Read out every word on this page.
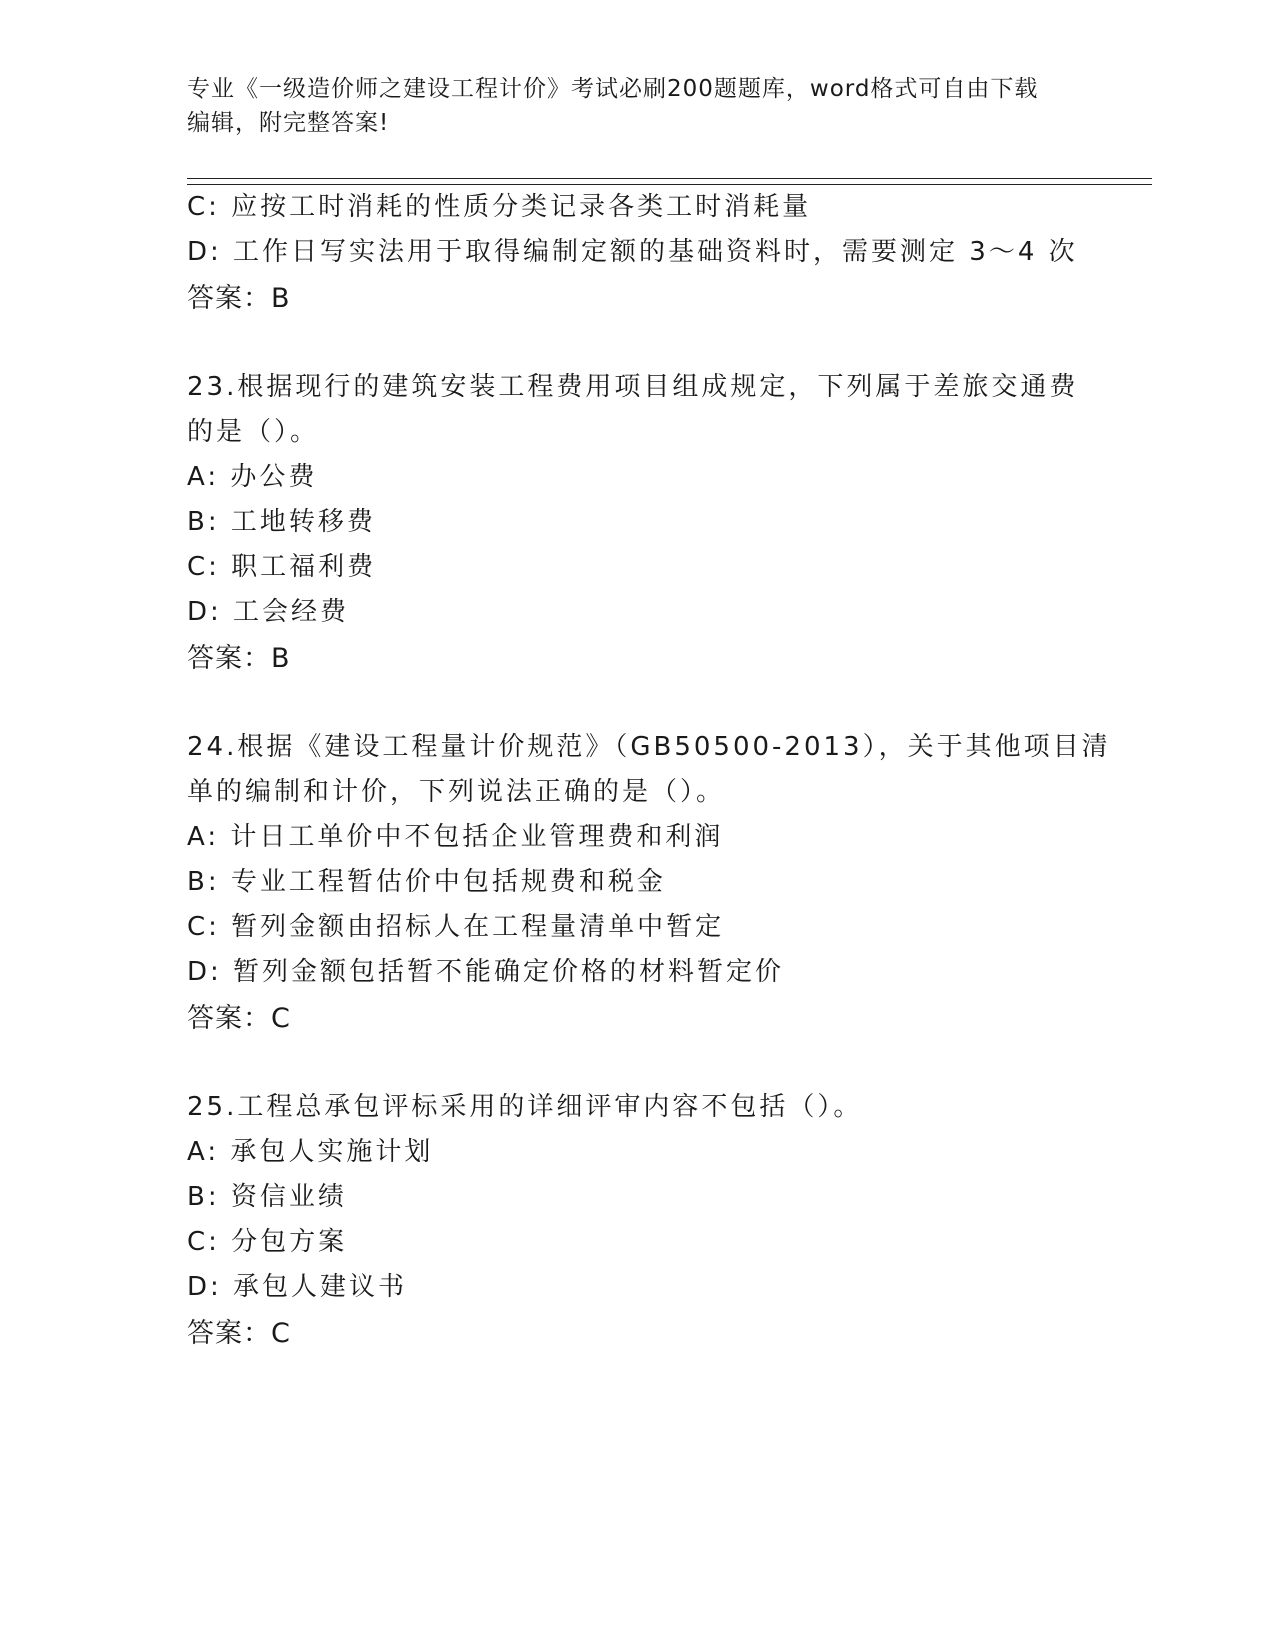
专业《一级造价师之建设工程计价》考试必刷200题题库，word格式可自由下载
编辑，附完整答案!
C: 应按工时消耗的性质分类记录各类工时消耗量
D: 工作日写实法用于取得编制定额的基础资料时，需要测定 3～4 次
答案：B
23.根据现行的建筑安装工程费用项目组成规定，下列属于差旅交通费
的是（）。
A: 办公费
B: 工地转移费
C: 职工福利费
D: 工会经费
答案：B
24.根据《建设工程量计价规范》（GB50500-2013），关于其他项目清
单的编制和计价，下列说法正确的是（）。
A: 计日工单价中不包括企业管理费和利润
B: 专业工程暂估价中包括规费和税金
C: 暂列金额由招标人在工程量清单中暂定
D: 暂列金额包括暂不能确定价格的材料暂定价
答案：C
25.工程总承包评标采用的详细评审内容不包括（）。
A: 承包人实施计划
B: 资信业绩
C: 分包方案
D: 承包人建议书
答案：C
